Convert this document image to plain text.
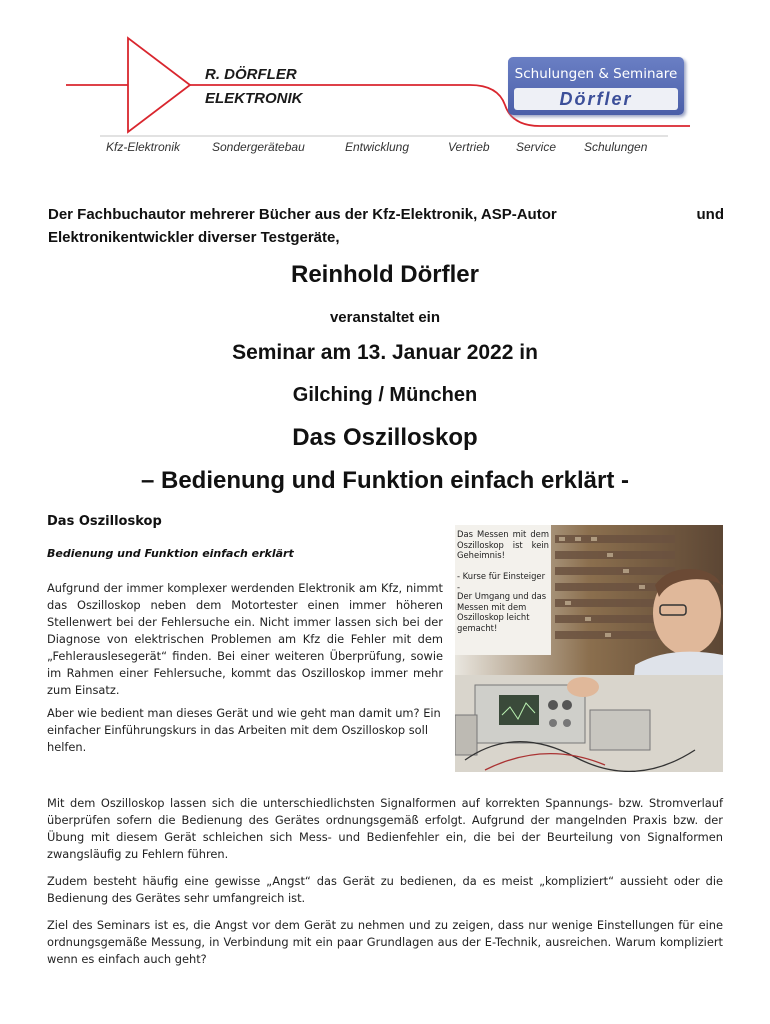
R. DÖRFLER
ELEKTRONIK
Schulungen & Seminare
Dörfler
Kfz-Elektronik	Sondergerätebau	Entwicklung	Vertrieb Service Schulungen
Der Fachbuchautor mehrerer Bücher aus der Kfz-Elektronik, ASP-Autor	und
Elektronikentwickler diverser Testgeräte,
Reinhold Dörfler
veranstaltet ein
Seminar am 13. Januar 2022 in
Gilching / München
Das Oszilloskop
– Bedienung und Funktion einfach erklärt -
Das Oszilloskop
Bedienung und Funktion einfach erklärt
Aufgrund der immer komplexer werdenden Elektronik am Kfz, nimmt das Oszilloskop neben dem Motortester einen immer höheren Stellenwert bei der Fehlersuche ein. Nicht immer lassen sich bei der Diagnose von elektrischen Problemen am Kfz die Fehler mit dem „Fehlerauslesegerät“ finden. Bei einer weiteren Überprüfung, sowie im Rahmen einer Fehlersuche, kommt das Oszilloskop immer mehr zum Einsatz.
Aber wie bedient man dieses Gerät und wie geht man damit um? Ein einfacher Einführungskurs in das Arbeiten mit dem Oszilloskop soll helfen.
Das Messen mit dem Oszilloskop ist kein Geheimnis!
- Kurse für Einsteiger -
Der Umgang und das Messen mit dem Oszilloskop leicht gemacht!
Mit dem Oszilloskop lassen sich die unterschiedlichsten Signalformen auf korrekten Spannungs- bzw. Stromverlauf überprüfen sofern die Bedienung des Gerätes ordnungsgemäß erfolgt. Aufgrund der mangelnden Praxis bzw. der Übung mit diesem Gerät schleichen sich Mess- und Bedienfehler ein, die bei der Beurteilung von Signalformen zwangsläufig zu Fehlern führen.
Zudem besteht häufig eine gewisse „Angst“ das Gerät zu bedienen, da es meist „kompliziert“ aussieht oder die Bedienung des Gerätes sehr umfangreich ist.
Ziel des Seminars ist es, die Angst vor dem Gerät zu nehmen und zu zeigen, dass nur wenige Einstellungen für eine ordnungsgemäße Messung, in Verbindung mit ein paar Grundlagen aus der E-Technik, ausreichen. Warum kompliziert wenn es einfach auch geht?
